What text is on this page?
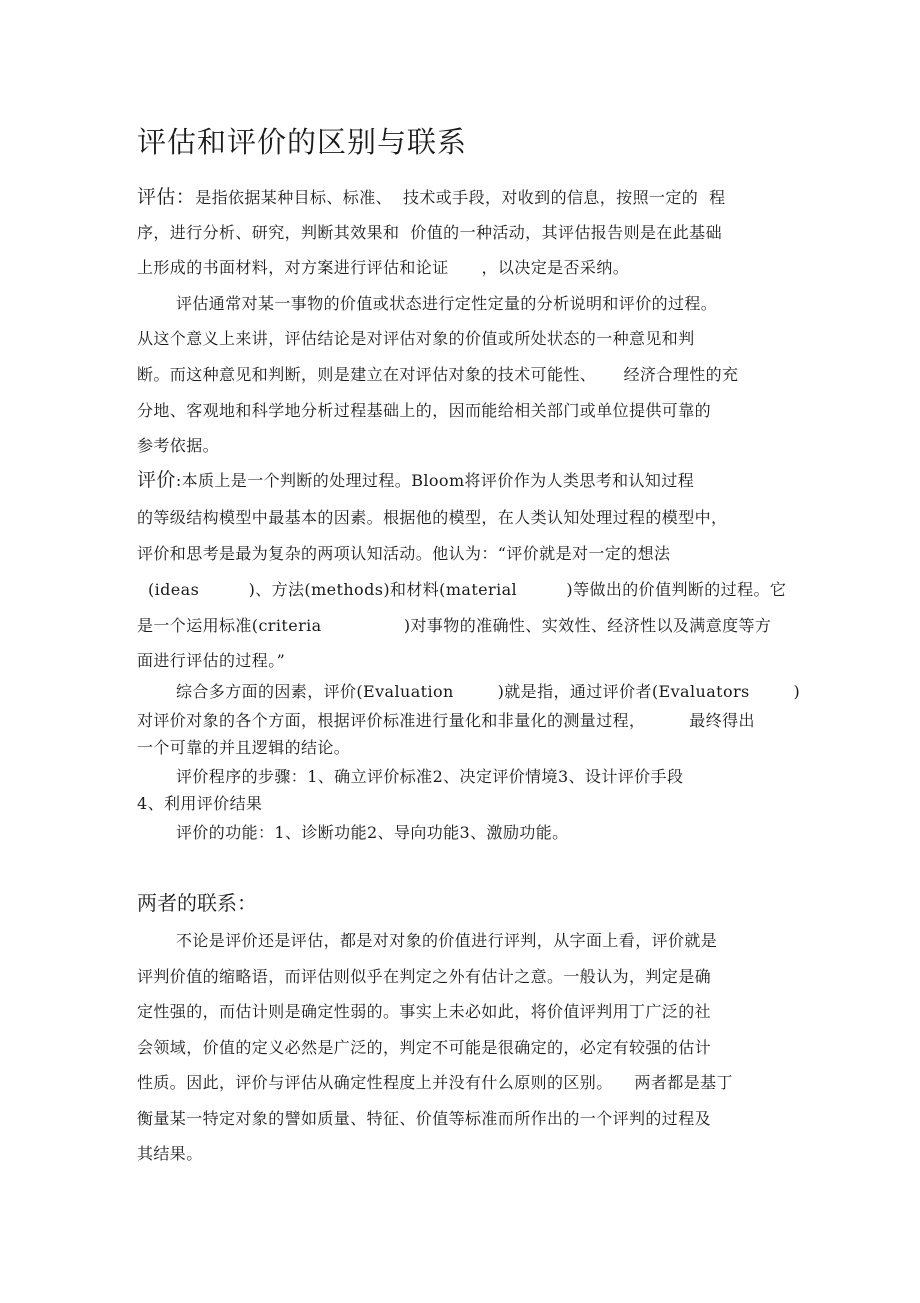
评估和评价的区别与联系
评估：是指依据某种目标、标准、  技术或手段，对收到的信息，按照一定的  程
序，进行分析、研究，判断其效果和  价值的一种活动，其评估报告则是在此基础
上形成的书面材料，对方案进行评估和论证      ，以决定是否采纳。
评估通常对某一事物的价值或状态进行定性定量的分析说明和评价的过程。
从这个意义上来讲，评估结论是对评估对象的价值或所处状态的一种意见和判
断。而这种意见和判断，则是建立在对评估对象的技术可能性、     经济合理性的充
分地、客观地和科学地分析过程基础上的，因而能给相关部门或单位提供可靠的
参考依据。
评价:本质上是一个判断的处理过程。Bloom将评价作为人类思考和认知过程
的等级结构模型中最基本的因素。根据他的模型，在人类认知处理过程的模型中，
评价和思考是最为复杂的两项认知活动。他认为：“评价就是对一定的想法
(ideas         )、方法(methods)和材料(material         )等做出的价值判断的过程。它
是一个运用标准(criteria               )对事物的准确性、实效性、经济性以及满意度等方
面进行评估的过程。”
综合多方面的因素，评价(Evaluation        )就是指，通过评价者(Evaluators        )
对评价对象的各个方面，根据评价标准进行量化和非量化的测量过程，        最终得出
一个可靠的并且逻辑的结论。
评价程序的步骤：1、确立评价标准2、决定评价情境3、设计评价手段
4、利用评价结果
评价的功能：1、诊断功能2、导向功能3、激励功能。
两者的联系：
不论是评价还是评估，都是对对象的价值进行评判，从字面上看，评价就是
评判价值的缩略语，而评估则似乎在判定之外有估计之意。一般认为，判定是确
定性强的，而估计则是确定性弱的。事实上未必如此，将价值评判用丁广泛的社
会领域，价值的定义必然是广泛的，判定不可能是很确定的，必定有较强的估计
性质。因此，评价与评估从确定性程度上并没有什么原则的区别。    两者都是基丁
衡量某一特定对象的譬如质量、特征、价值等标准而所作出的一个评判的过程及
其结果。
